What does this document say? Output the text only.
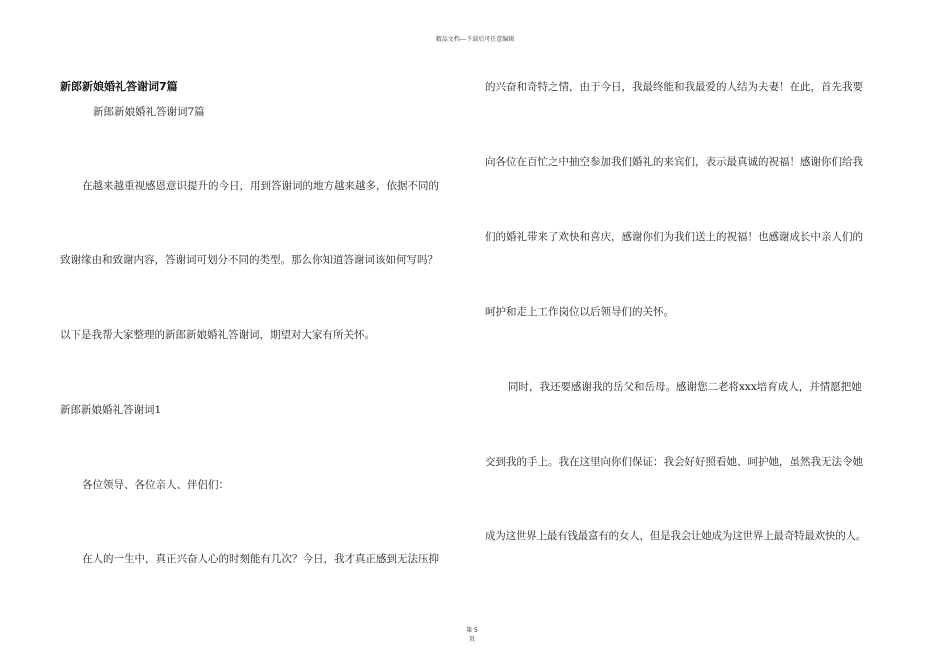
精品文档---下载后可任意编辑
新郎新娘婚礼答谢词7篇
新郎新娘婚礼答谢词7篇
在越来越重视感恩意识提升的今日，用到答谢词的地方越来越多，依据不同的
致谢缘由和致谢内容，答谢词可划分不同的类型。那么你知道答谢词该如何写吗？
以下是我帮大家整理的新郎新娘婚礼答谢词，期望对大家有所关怀。
新郎新娘婚礼答谢词1
各位领导、各位亲人、伴侣们：
在人的一生中，真正兴奋人心的时刻能有几次？今日，我才真正感到无法压抑
的兴奋和奇特之情，由于今日，我最终能和我最爱的人结为夫妻！在此，首先我要
向各位在百忙之中抽空参加我们婚礼的来宾们，表示最真诚的祝福！感谢你们给我
们的婚礼带来了欢快和喜庆，感谢你们为我们送上的祝福！也感谢成长中亲人们的
呵护和走上工作岗位以后领导们的关怀。
同时，我还要感谢我的岳父和岳母。感谢您二老将xxx培育成人，并情愿把她
交到我的手上。我在这里向你们保证：我会好好照看她、呵护她，虽然我无法令她
成为这世界上最有钱最富有的女人，但是我会让她成为这世界上最奇特最欢快的人。
第 5
页
